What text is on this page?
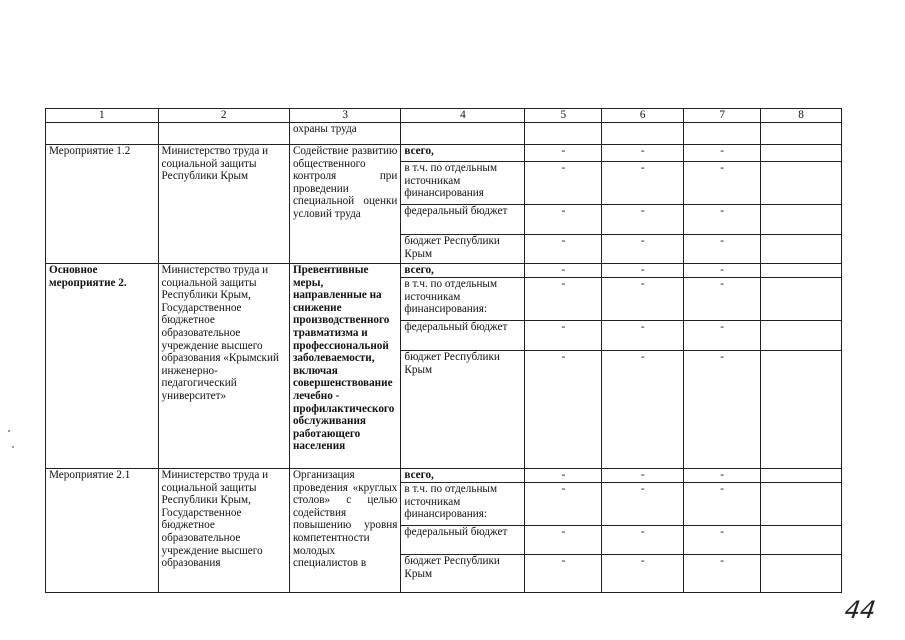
1	2	3	4	5	6	7	8
		охраны труда					
Мероприятие 1.2	Министерство труда и социальной защиты Республики Крым	Содействие развитию общественного контроля при проведении специальной оценки условий труда	всего,	-	-	-	
			в т.ч. по отдельным источникам финансирования	-	-	-	
			федеральный бюджет	-	-	-	
			бюджет Республики Крым	-	-	-	
Основное мероприятие 2.	Министерство труда и социальной защиты Республики Крым, Государственное бюджетное образовательное учреждение высшего образования «Крымский инженерно-педагогический университет»	Превентивные меры, направленные на снижение производственного травматизма и профессиональной заболеваемости, включая совершенствование лечебно - профилактического обслуживания работающего населения	всего,	-	-	-	
			в т.ч. по отдельным источникам финансирования:	-	-	-	
			федеральный бюджет	-	-	-	
			бюджет Республики Крым	-	-	-	
Мероприятие 2.1	Министерство труда и социальной защиты Республики Крым, Государственное бюджетное образовательное учреждение высшего образования	Организация проведения «круглых столов» с целью содействия повышению уровня компетентности молодых специалистов в	всего,	-	-	-	
			в т.ч. по отдельным источникам финансирования:	-	-	-	
			федеральный бюджет	-	-	-	
			бюджет Республики Крым	-	-	-	
44
